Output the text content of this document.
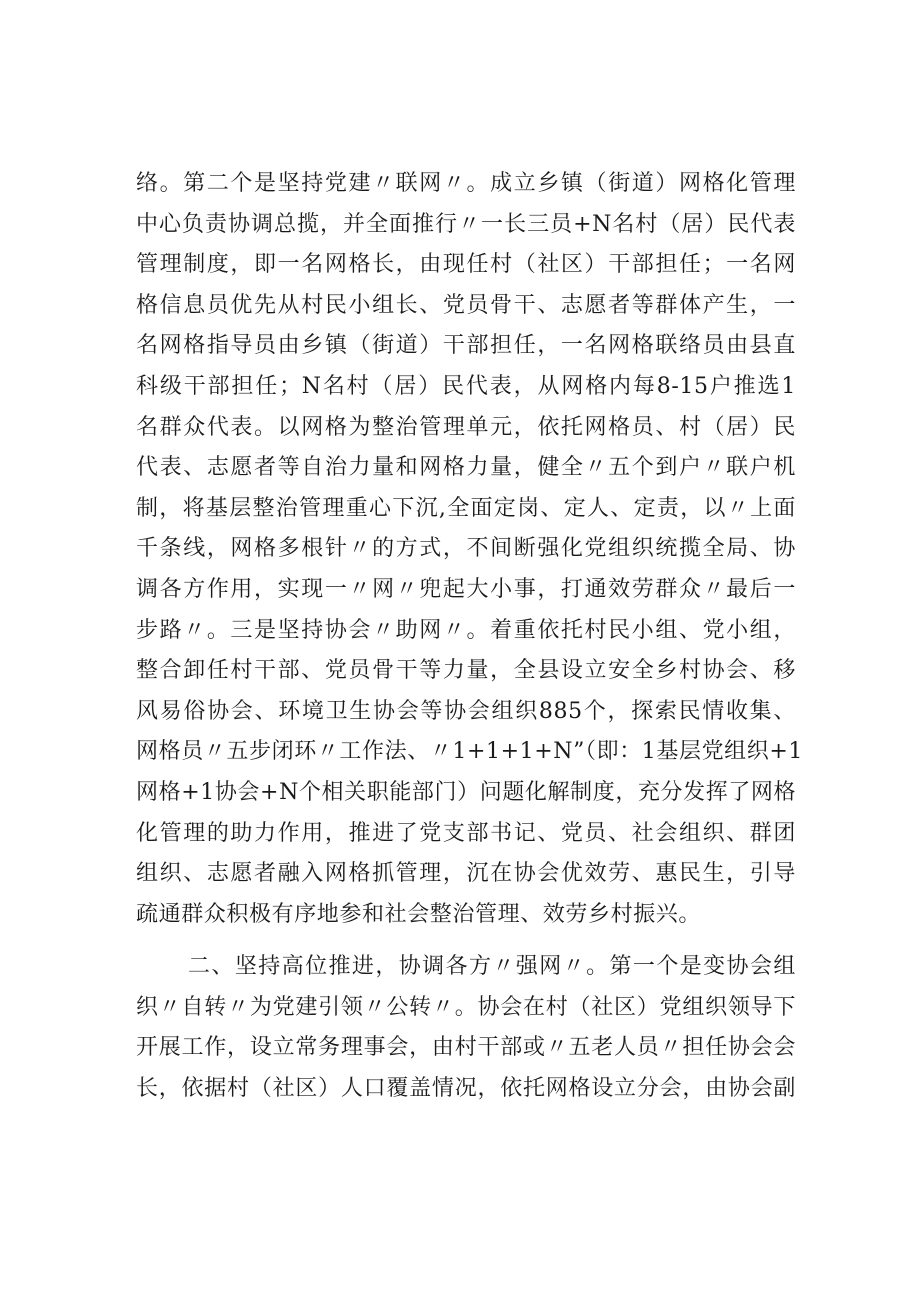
络。第二个是坚持党建〃联网〃。成立乡镇（街道）网格化管理
中心负责协调总揽，并全面推行〃一长三员+N名村（居）民代表
管理制度，即一名网格长，由现任村（社区）干部担任；一名网
格信息员优先从村民小组长、党员骨干、志愿者等群体产生，一
名网格指导员由乡镇（街道）干部担任，一名网格联络员由县直
科级干部担任；N名村（居）民代表，从网格内每8-15户推选1
名群众代表。以网格为整治管理单元，依托网格员、村（居）民
代表、志愿者等自治力量和网格力量，健全〃五个到户〃联户机
制，将基层整治管理重心下沉,全面定岗、定人、定责，以〃上面
千条线，网格多根针〃的方式，不间断强化党组织统揽全局、协
调各方作用，实现一〃网〃兜起大小事，打通效劳群众〃最后一
步路〃。三是坚持协会〃助网〃。着重依托村民小组、党小组，
整合卸任村干部、党员骨干等力量，全县设立安全乡村协会、移
风易俗协会、环境卫生协会等协会组织885个，探索民情收集、
网格员〃五步闭环〃工作法、〃1+1+1+N”（即：1基层党组织+1
网格+1协会+N个相关职能部门）问题化解制度，充分发挥了网格
化管理的助力作用，推进了党支部书记、党员、社会组织、群团
组织、志愿者融入网格抓管理，沉在协会优效劳、惠民生，引导
疏通群众积极有序地参和社会整治管理、效劳乡村振兴。
二、坚持高位推进，协调各方〃强网〃。第一个是变协会组
织〃自转〃为党建引领〃公转〃。协会在村（社区）党组织领导下
开展工作，设立常务理事会，由村干部或〃五老人员〃担任协会会
长，依据村（社区）人口覆盖情况，依托网格设立分会，由协会副
